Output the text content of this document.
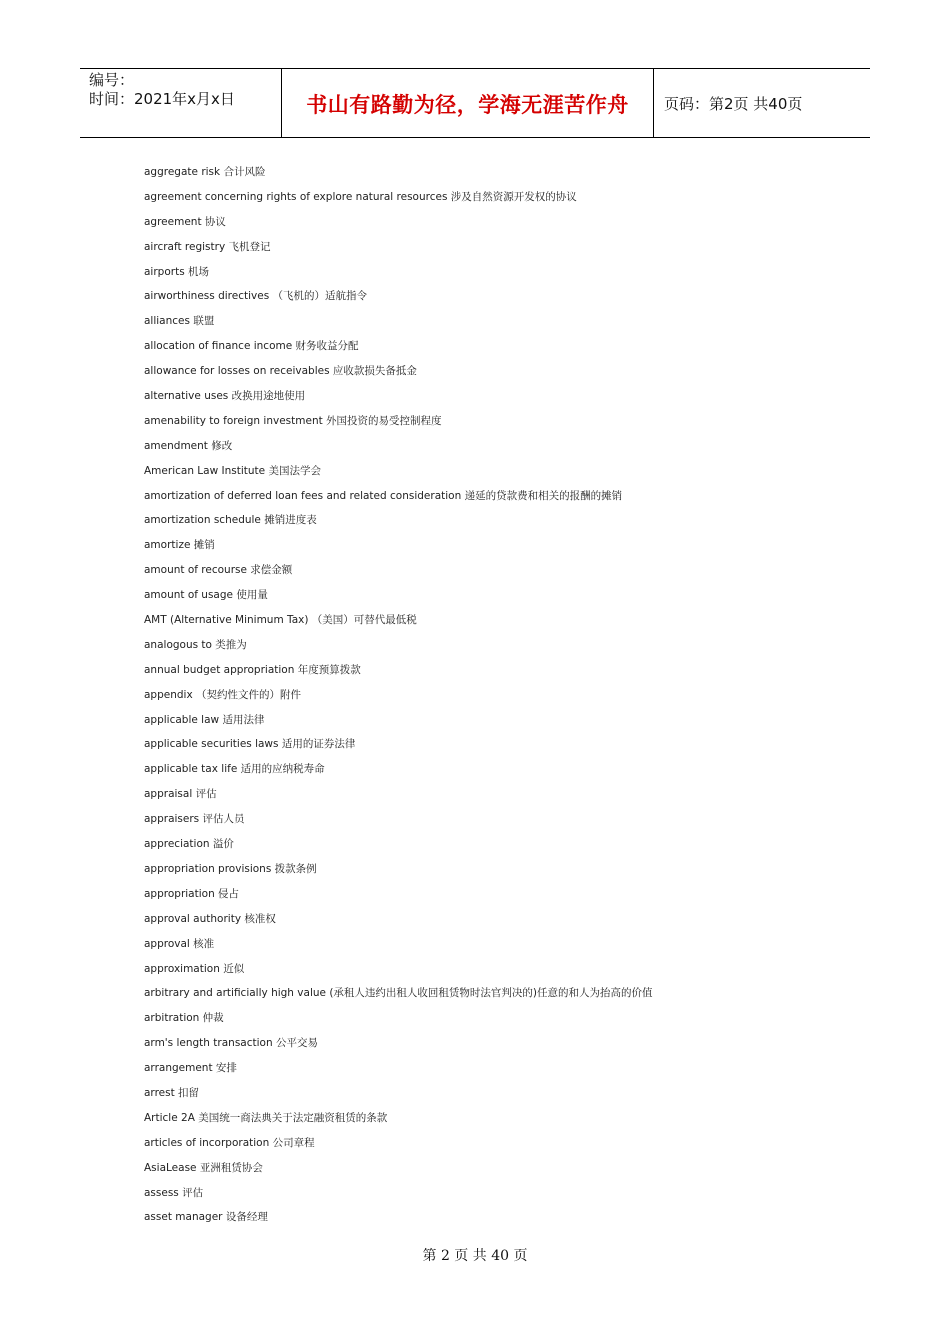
编号：
时间：2021年x月x日	书山有路勤为径，学海无涯苦作舟 页码：第2页 共40页
aggregate risk 合计风险
agreement concerning rights of explore natural resources 涉及自然资源开发权的协议
agreement 协议
aircraft registry 飞机登记
airports 机场
airworthiness directives （飞机的）适航指令
alliances 联盟
allocation of finance income 财务收益分配
allowance for losses on receivables 应收款损失备抵金
alternative uses 改换用途地使用
amenability to foreign investment 外国投资的易受控制程度
amendment 修改
American Law Institute 美国法学会
amortization of deferred loan fees and related consideration 递延的贷款费和相关的报酬的摊销
amortization schedule 摊销进度表
amortize 摊销
amount of recourse 求偿金额
amount of usage 使用量
AMT (Alternative Minimum Tax) （美国）可替代最低税
analogous to 类推为
annual budget appropriation 年度预算拨款
appendix （契约性文件的）附件
applicable law 适用法律
applicable securities laws 适用的证券法律
applicable tax life 适用的应纳税寿命
appraisal 评估
appraisers 评估人员
appreciation 溢价
appropriation provisions 拨款条例
appropriation 侵占
approval authority 核准权
approval 核准
approximation 近似
arbitrary and artificially high value (承租人违约出租人收回租赁物时法官判决的)任意的和人为抬高的价值
arbitration 仲裁
arm's length transaction 公平交易
arrangement 安排
arrest 扣留
Article 2A 美国统一商法典关于法定融资租赁的条款
articles of incorporation 公司章程
AsiaLease 亚洲租赁协会
assess 评估
asset manager 设备经理
第 2 页 共 40 页
